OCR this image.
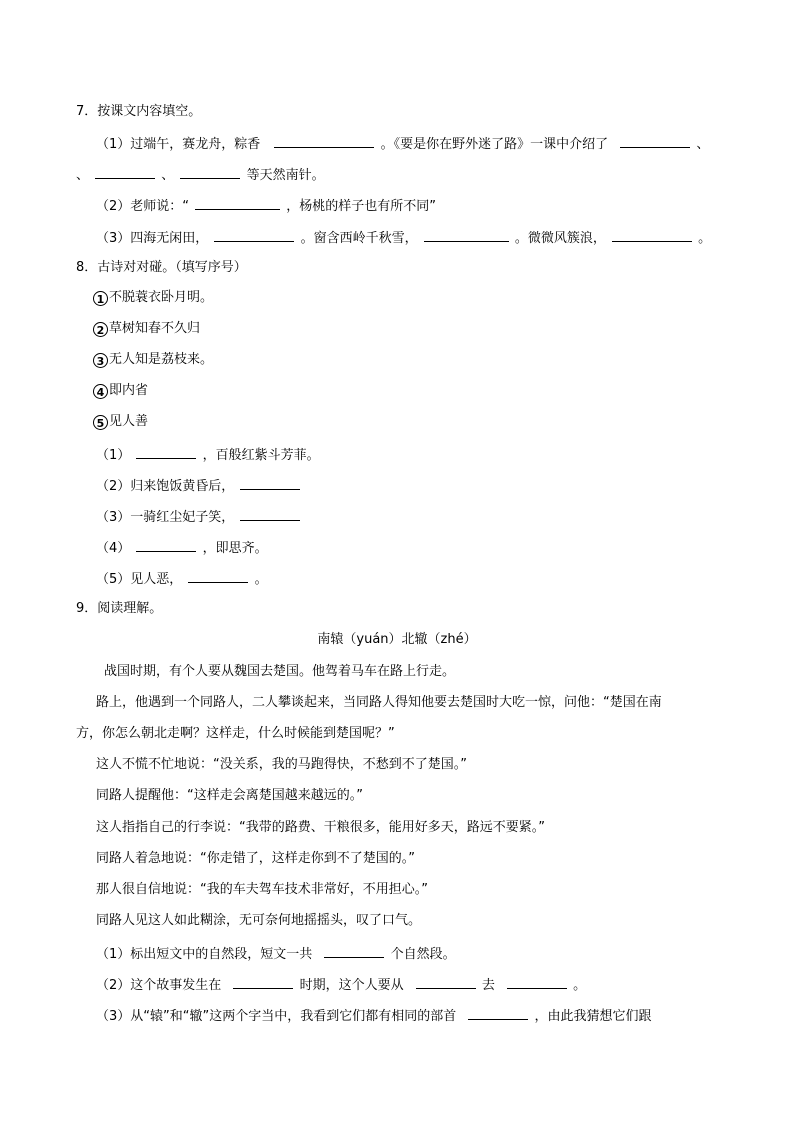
7．按课文内容填空。
（1）过端午，赛龙舟，粽香	。《要是你在野外迷了路》一课中介绍了	、
、	、	等天然南针。
（2）老师说：“	，杨桃的样子也有所不同”
（3）四海无闲田，	。窗含西岭千秋雪，	。微微风簇浪，	。
8．古诗对对碰。（填写序号）
1 不脱蓑衣卧月明。
2 草树知春不久归
3 无人知是荔枝来。
4 即内省
5 见人善
（1）	，百般红紫斗芳菲。
（2）归来饱饭黄昏后，
（3）一骑红尘妃子笑，
（4）	，即思齐。
（5）见人恶，	。
9．阅读理解。
南辕（yuán）北辙（zhé）
战国时期，有个人要从魏国去楚国。他驾着马车在路上行走。
路上，他遇到一个同路人，二人攀谈起来，当同路人得知他要去楚国时大吃一惊，问他：“楚国在南
方，你怎么朝北走啊？这样走，什么时候能到楚国呢？”
这人不慌不忙地说：“没关系，我的马跑得快，不愁到不了楚国。”
同路人提醒他：“这样走会离楚国越来越远的。”
这人指指自己的行李说：“我带的路费、干粮很多，能用好多天，路远不要紧。”
同路人着急地说：“你走错了，这样走你到不了楚国的。”
那人很自信地说：“我的车夫驾车技术非常好，不用担心。”
同路人见这人如此糊涂，无可奈何地摇摇头，叹了口气。
（1）标出短文中的自然段，短文一共	个自然段。
（2）这个故事发生在	时期，这个人要从	去	。
（3）从“辕”和“辙”这两个字当中，我看到它们都有相同的部首	，由此我猜想它们跟
